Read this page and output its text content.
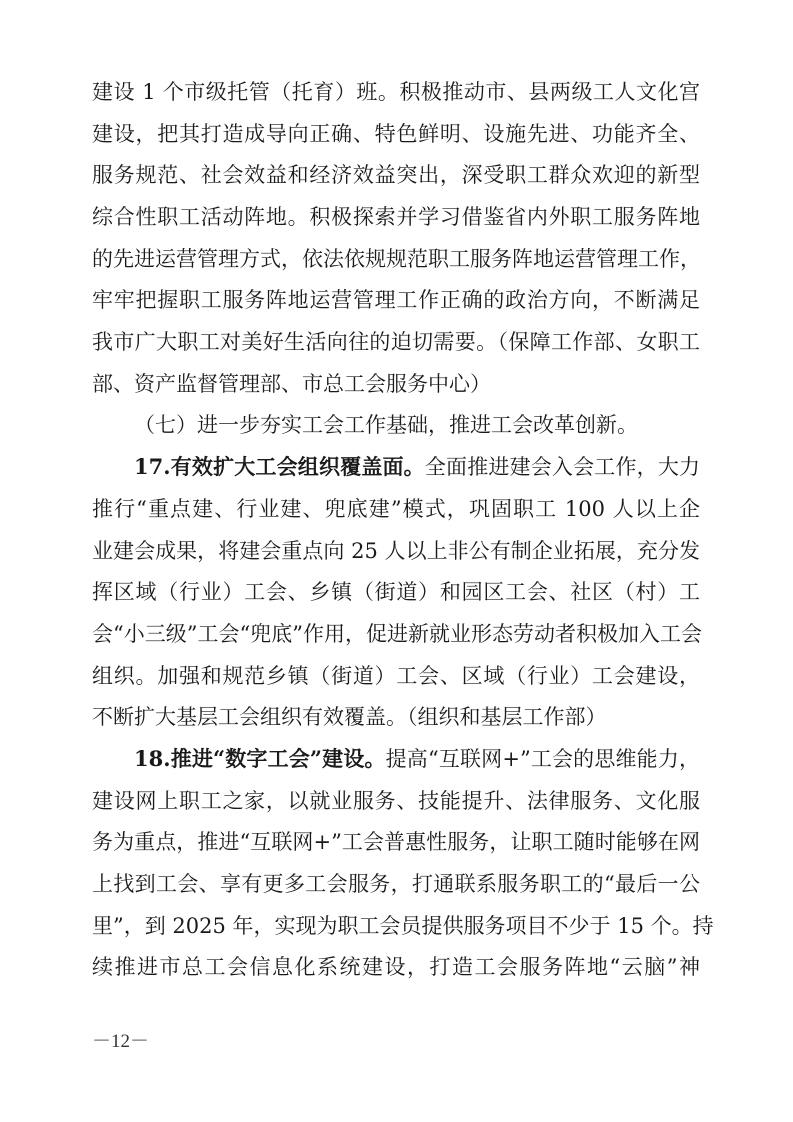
建设 1 个市级托管（托育）班。积极推动市、县两级工人文化宫
建设，把其打造成导向正确、特色鲜明、设施先进、功能齐全、
服务规范、社会效益和经济效益突出，深受职工群众欢迎的新型
综合性职工活动阵地。积极探索并学习借鉴省内外职工服务阵地
的先进运营管理方式，依法依规规范职工服务阵地运营管理工作，
牢牢把握职工服务阵地运营管理工作正确的政治方向，不断满足
我市广大职工对美好生活向往的迫切需要。（保障工作部、女职工
部、资产监督管理部、市总工会服务中心）
（七）进一步夯实工会工作基础，推进工会改革创新。
17.有效扩大工会组织覆盖面。全面推进建会入会工作，大力
推行“重点建、行业建、兜底建”模式，巩固职工 100 人以上企
业建会成果，将建会重点向 25 人以上非公有制企业拓展，充分发
挥区域（行业）工会、乡镇（街道）和园区工会、社区（村）工
会“小三级”工会“兜底”作用，促进新就业形态劳动者积极加入工会
组织。加强和规范乡镇（街道）工会、区域（行业）工会建设，
不断扩大基层工会组织有效覆盖。（组织和基层工作部）
18.推进“数字工会”建设。提高“互联网+”工会的思维能力，
建设网上职工之家，以就业服务、技能提升、法律服务、文化服
务为重点，推进“互联网+”工会普惠性服务，让职工随时能够在网
－12－
上找到工会、享有更多工会服务，打通联系服务职工的“最后一公
里”，到 2025 年，实现为职工会员提供服务项目不少于 15 个。持
续推进市总工会信息化系统建设，打造工会服务阵地“云脑”神
